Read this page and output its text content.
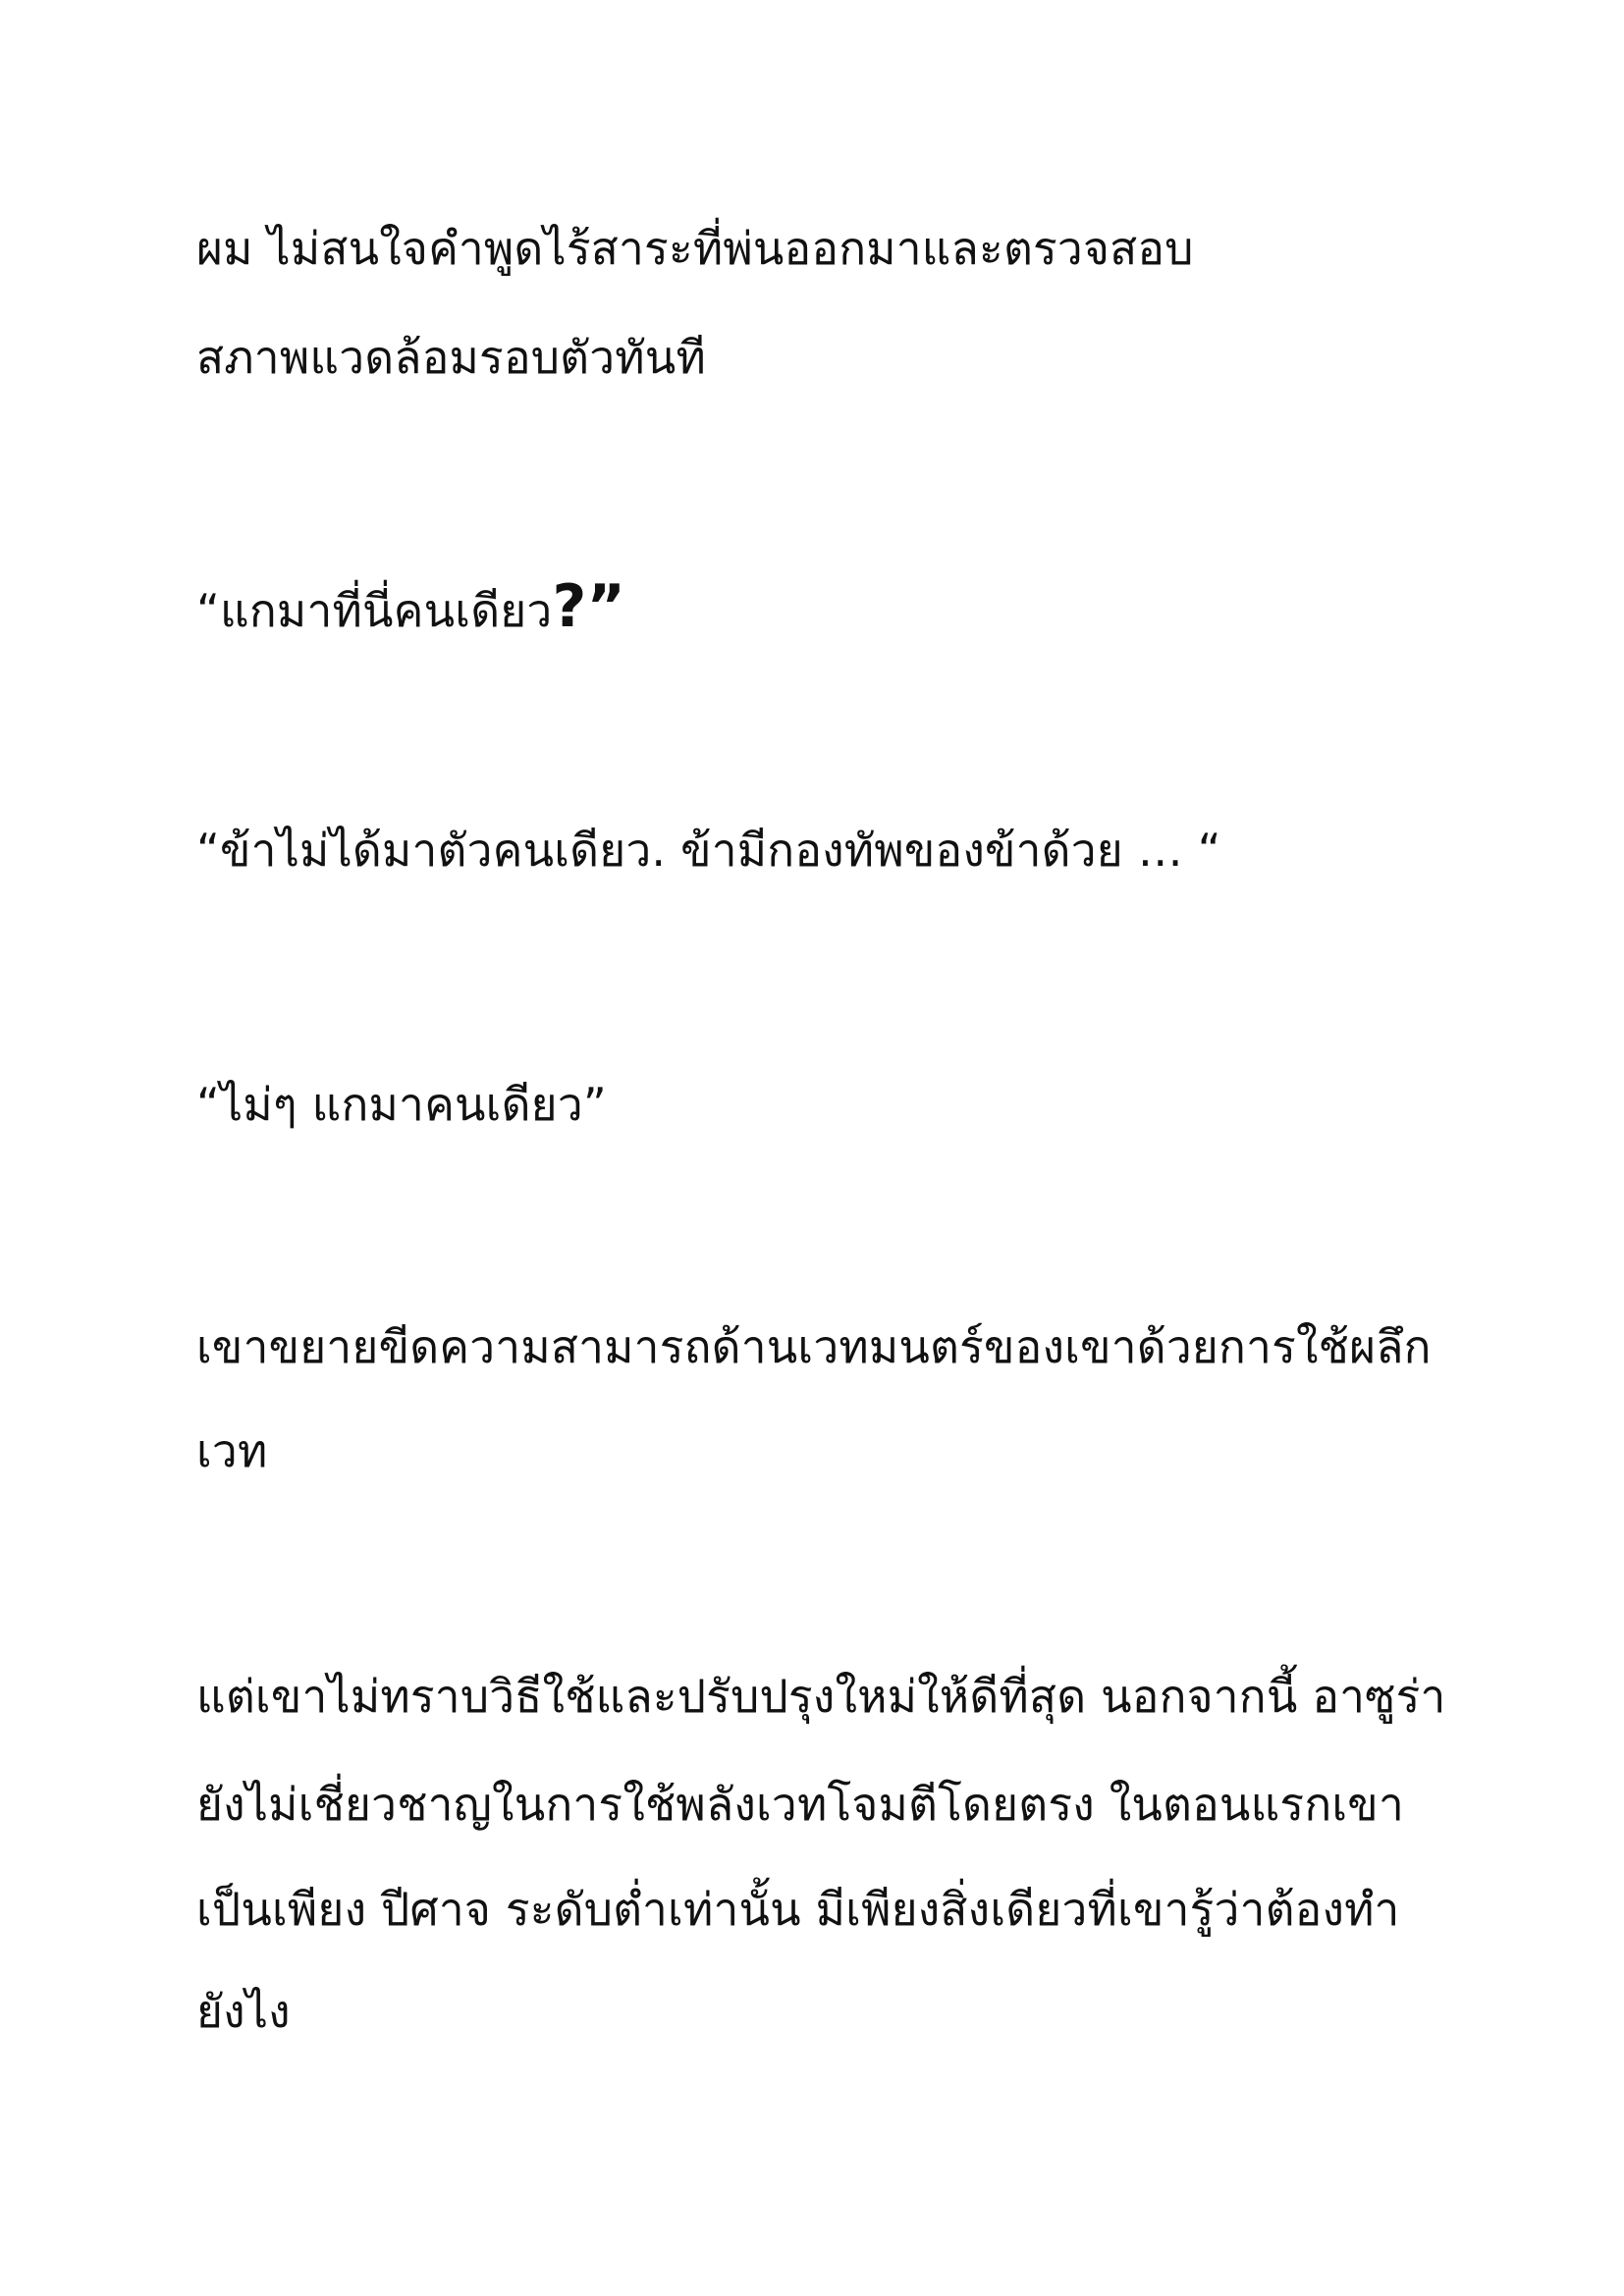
ผม ไม่สนใจคำพูดไร้สาระที่พ่นออกมาและตรวจสอบ
สภาพแวดล้อมรอบตัวทันที
“แกมาที่นี่คนเดียว?”
“ข้าไม่ได้มาตัวคนเดียว. ข้ามีกองทัพของข้าด้วย … “
“ไม่ๆ แกมาคนเดียว”
เขาขยายขีดความสามารถด้านเวทมนตร์ของเขาด้วยการใช้ผลึก
เวท
แต่เขาไม่ทราบวิธีใช้และปรับปรุงใหม่ให้ดีที่สุด นอกจากนี้ อาซูร่า
ยังไม่เชี่ยวชาญในการใช้พลังเวทโจมตีโดยตรง ในตอนแรกเขา
เป็นเพียง ปีศาจ ระดับต่ำเท่านั้น มีเพียงสิ่งเดียวที่เขารู้ว่าต้องทำ
ยังไง
